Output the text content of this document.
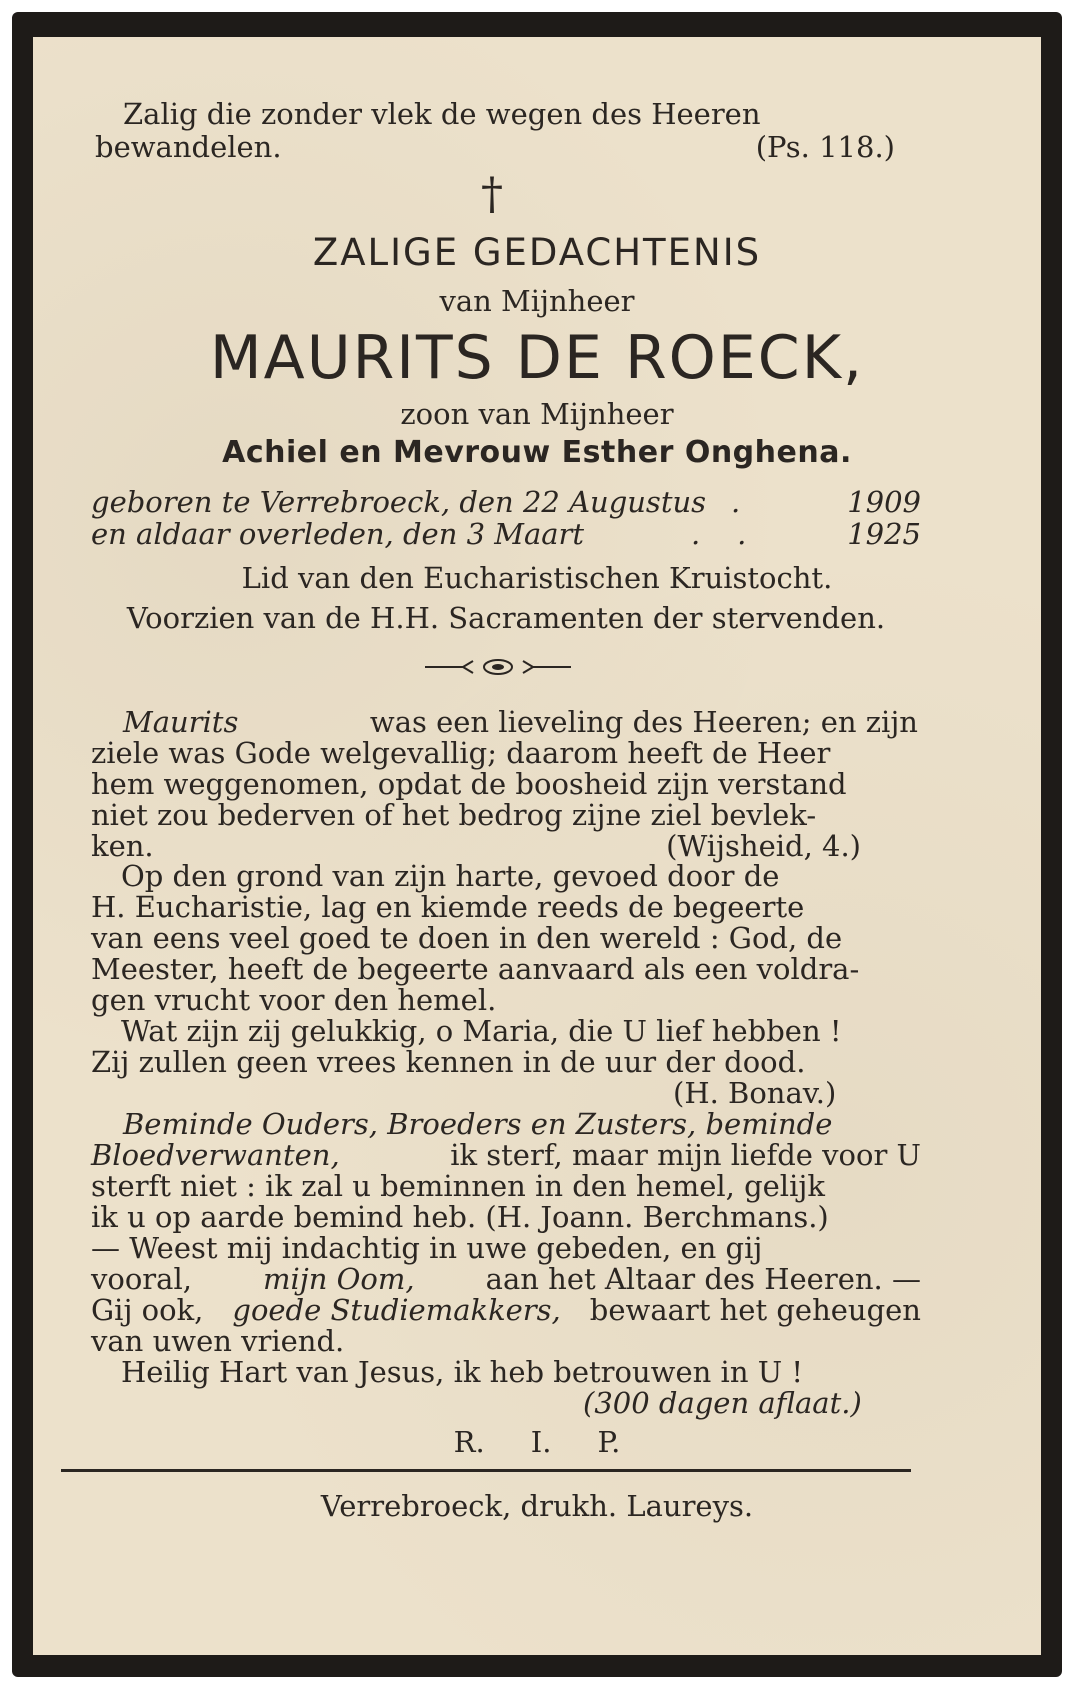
Zalig die zonder vlek de wegen des Heeren
bewandelen.	(Ps. 118.)
†
ZALIGE GEDACHTENIS
van Mijnheer
MAURITS DE ROECK,
zoon van Mijnheer
Achiel en Mevrouw Esther Onghena.
geboren te Verrebroeck, den 22 Augustus .	1909
en aldaar overleden, den 3 Maart	.    .	1925
Lid van den Eucharistischen Kruistocht.
Voorzien van de H.H. Sacramenten der stervenden.
Maurits	was een lieveling des Heeren; en zijn
ziele was Gode welgevallig; daarom heeft de Heer
hem weggenomen, opdat de boosheid zijn verstand
niet zou bederven of het bedrog zijne ziel bevlek-
ken.	(Wijsheid, 4.)
Op den grond van zijn harte, gevoed door de
H. Eucharistie, lag en kiemde reeds de begeerte
van eens veel goed te doen in den wereld : God, de
Meester, heeft de begeerte aanvaard als een voldra-
gen vrucht voor den hemel.
Wat zijn zij gelukkig, o Maria, die U lief hebben !
Zij zullen geen vrees kennen in de uur der dood.
(H. Bonav.)
Beminde Ouders, Broeders en Zusters, beminde
Bloedverwanten,	ik sterf, maar mijn liefde voor U
sterft niet : ik zal u beminnen in den hemel, gelijk
ik u op aarde bemind heb. (H. Joann. Berchmans.)
— Weest mij indachtig in uwe gebeden, en gij
vooral, mijn Oom, aan het Altaar des Heeren. —
Gij ook, goede Studiemakkers, bewaart het geheugen
van uwen vriend.
Heilig Hart van Jesus, ik heb betrouwen in U !
(300 dagen aflaat.)
R.     I.     P.
Verrebroeck, drukh. Laureys.
